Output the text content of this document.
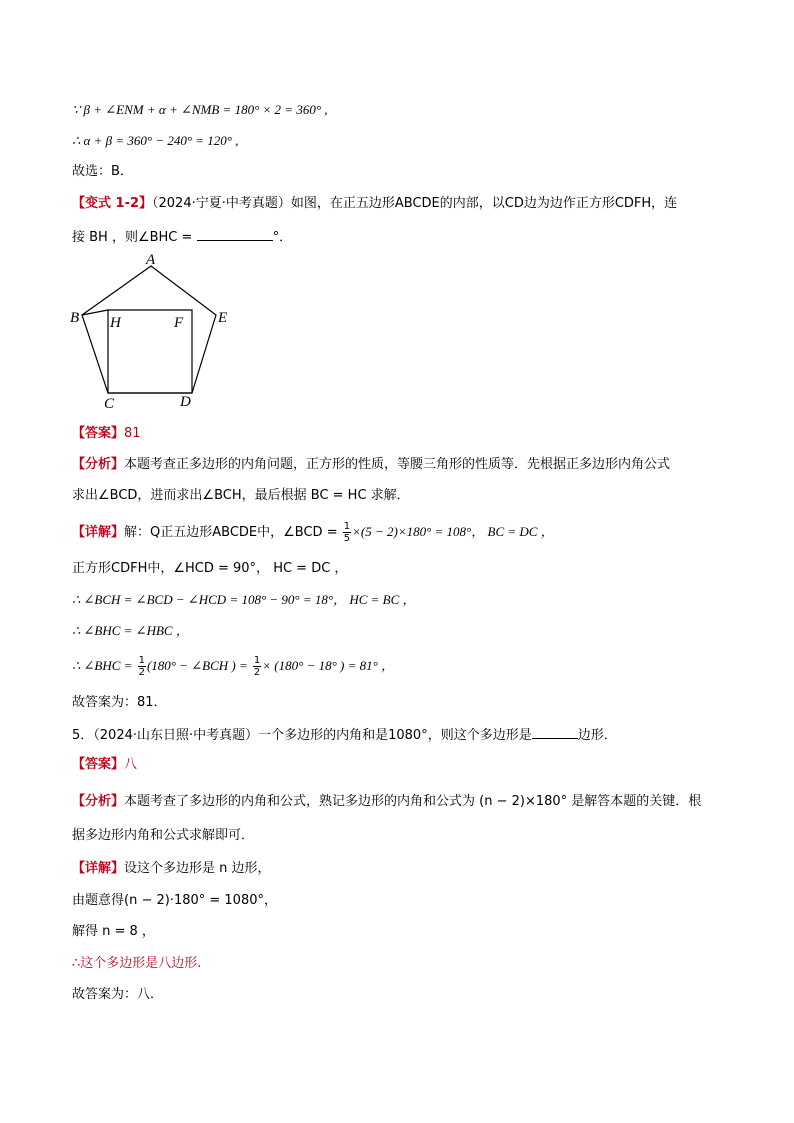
∵ β + ∠ENM + α + ∠NMB = 180° × 2 = 360° ,
∴ α + β = 360° − 240° = 120° ,
故选：B．
【变式 1-2】（2024·宁夏·中考真题）如图，在正五边形ABCDE的内部，以CD边为边作正方形CDFH，连
接 BH ，则∠BHC =	°．
A
B H	F E
C	D
【答案】81
【分析】本题考查正多边形的内角问题，正方形的性质，等腰三角形的性质等．先根据正多边形内角公式
求出∠BCD，进而求出∠BCH，最后根据 BC = HC 求解．
【详解】解：Q正五边形ABCDE中，∠BCD = $\frac{1}{5} \times(5 - 2)\times 180^\circ = 108^\circ$， BC = DC ，
正方形CDFH中，∠HCD = 90°， HC = DC ，
∴ ∠BCH = ∠BCD − ∠HCD = 108° − 90° = 18°， HC = BC ，
∴ ∠BHC = ∠HBC ，
∴ ∠BHC = $\frac{1}{2} (180^\circ$ − ∠BCH ) = $\frac{1}{2} \times (180^\circ - 18^\circ$ ) = 81° ，
故答案为：81．
5．（2024·山东日照·中考真题）一个多边形的内角和是1080°，则这个多边形是	边形．
【答案】八
【分析】本题考查了多边形的内角和公式，熟记多边形的内角和公式为 (n − 2)×180° 是解答本题的关键．根
据多边形内角和公式求解即可．
【详解】设这个多边形是 n 边形，
由题意得(n − 2)·180° = 1080°，
解得 n = 8 ，
∴这个多边形是八边形.
故答案为：八．
